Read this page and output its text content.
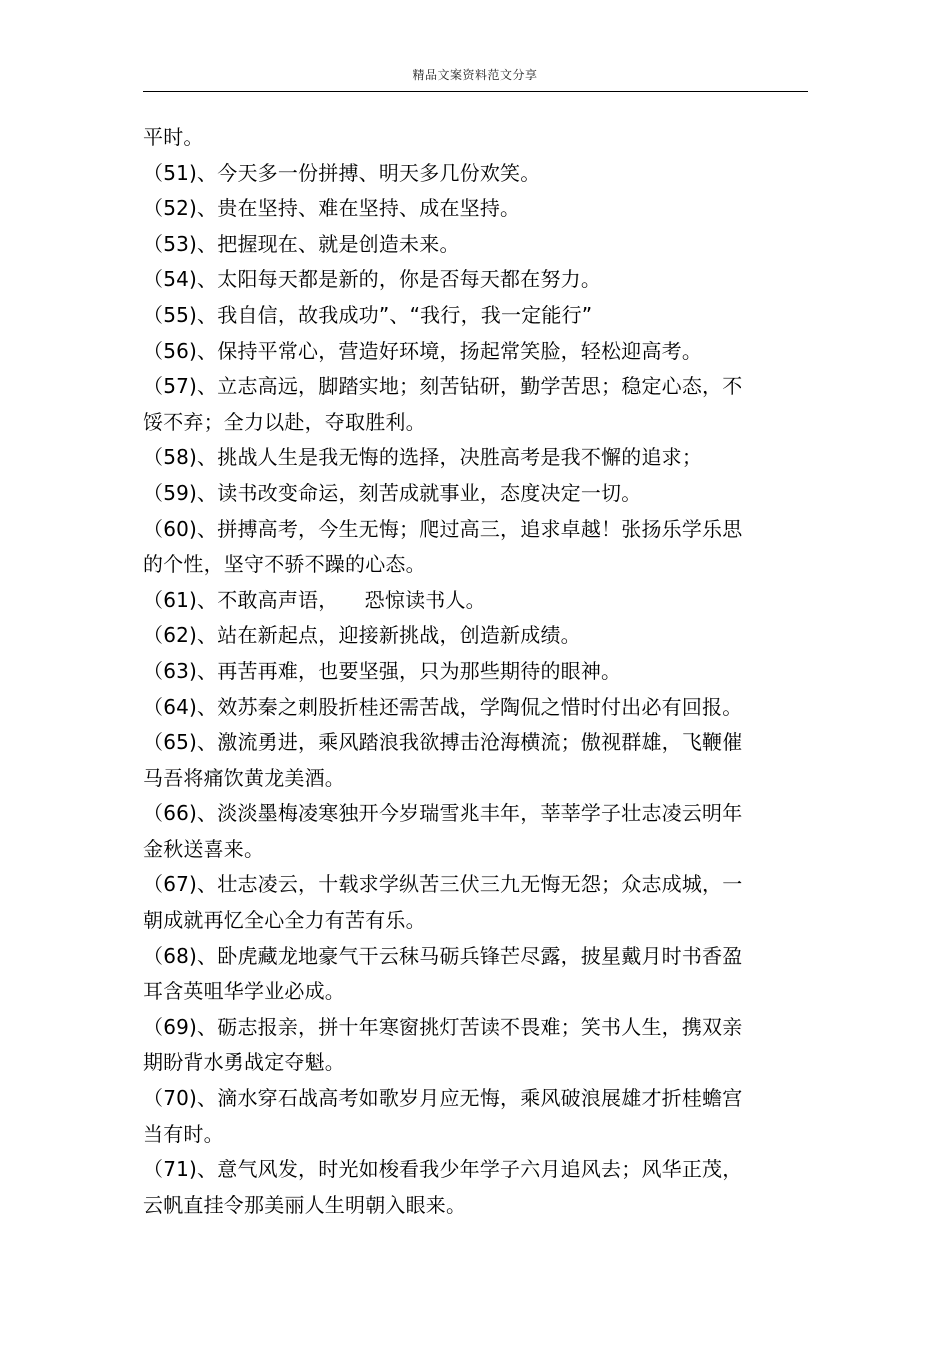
精品文案资料范文分享
平时。
（51)、今天多一份拼搏、明天多几份欢笑。
（52)、贵在坚持、难在坚持、成在坚持。
（53)、把握现在、就是创造未来。
（54)、太阳每天都是新的，你是否每天都在努力。
（55)、我自信，故我成功”、“我行，我一定能行”
（56)、保持平常心，营造好环境，扬起常笑脸，轻松迎高考。
（57)、立志高远，脚踏实地；刻苦钻研，勤学苦思；稳定心态，不
馁不弃；全力以赴，夺取胜利。
（58)、挑战人生是我无悔的选择，决胜高考是我不懈的追求；
（59)、读书改变命运，刻苦成就事业，态度决定一切。
（60)、拼搏高考，今生无悔；爬过高三，追求卓越！张扬乐学乐思
的个性，坚守不骄不躁的心态。
（61)、不敢高声语，    恐惊读书人。
（62)、站在新起点，迎接新挑战，创造新成绩。
（63)、再苦再难，也要坚强，只为那些期待的眼神。
（64)、效苏秦之刺股折桂还需苦战，学陶侃之惜时付出必有回报。
（65)、激流勇进，乘风踏浪我欲搏击沧海横流；傲视群雄，飞鞭催
马吾将痛饮黄龙美酒。
（66)、淡淡墨梅凌寒独开今岁瑞雪兆丰年，莘莘学子壮志凌云明年
金秋送喜来。
（67)、壮志凌云，十载求学纵苦三伏三九无悔无怨；众志成城，一
朝成就再忆全心全力有苦有乐。
（68)、卧虎藏龙地豪气干云秣马砺兵锋芒尽露，披星戴月时书香盈
耳含英咀华学业必成。
（69)、砺志报亲，拼十年寒窗挑灯苦读不畏难；笑书人生，携双亲
期盼背水勇战定夺魁。
（70)、滴水穿石战高考如歌岁月应无悔，乘风破浪展雄才折桂蟾宫
当有时。
（71)、意气风发，时光如梭看我少年学子六月追风去；风华正茂，
云帆直挂令那美丽人生明朝入眼来。
